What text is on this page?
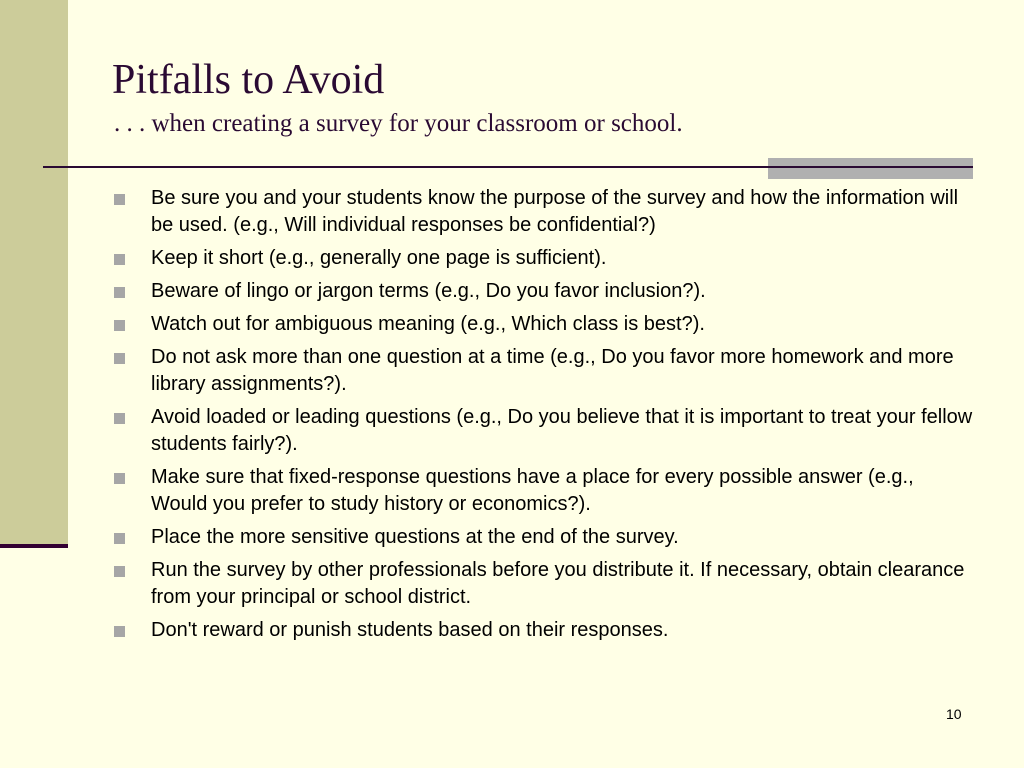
Pitfalls to Avoid
. . . when creating a survey for your classroom or school.
Be sure you and your students know the purpose of the survey and how the information will be used. (e.g., Will individual responses be confidential?)
Keep it short (e.g., generally one page is sufficient).
Beware of lingo or jargon terms (e.g., Do you favor inclusion?).
Watch out for ambiguous meaning (e.g., Which class is best?).
Do not ask more than one question at a time (e.g., Do you favor more homework and more library assignments?).
Avoid loaded or leading questions (e.g., Do you believe that it is important to treat your fellow students fairly?).
Make sure that fixed-response questions have a place for every possible answer (e.g., Would you prefer to study history or economics?).
Place the more sensitive questions at the end of the survey.
Run the survey by other professionals before you distribute it. If necessary, obtain clearance from your principal or school district.
Don't reward or punish students based on their responses.
10
